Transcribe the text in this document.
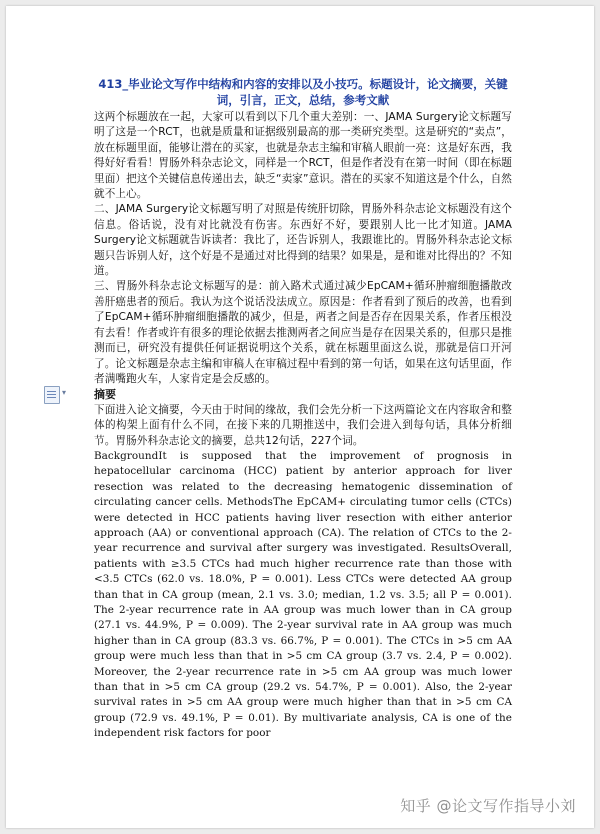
▾

413_毕业论文写作中结构和内容的安排以及小技巧。标题设计，论文摘要，关键词，引言，正文，总结，参考文献

这两个标题放在一起，大家可以看到以下几个重大差别：一、JAMA Surgery论文标题写明了这是一个RCT，也就是质量和证据级别最高的那一类研究类型。这是研究的“卖点”，放在标题里面，能够让潜在的买家，也就是杂志主编和审稿人眼前一亮：这是好东西，我得好好看看！胃肠外科杂志论文，同样是一个RCT，但是作者没有在第一时间（即在标题里面）把这个关键信息传递出去，缺乏“卖家”意识。潜在的买家不知道这是个什么，自然就不上心。

二、JAMA Surgery论文标题写明了对照是传统肝切除，胃肠外科杂志论文标题没有这个信息。俗话说，没有对比就没有伤害。东西好不好，要跟别人比一比才知道。JAMA Surgery论文标题就告诉读者：我比了，还告诉别人，我跟谁比的。胃肠外科杂志论文标题只告诉别人好，这个好是不是通过对比得到的结果？如果是，是和谁对比得出的？不知道。

三、胃肠外科杂志论文标题写的是：前入路术式通过减少EpCAM+循环肿瘤细胞播散改善肝癌患者的预后。我认为这个说话没法成立。原因是：作者看到了预后的改善，也看到了EpCAM+循环肿瘤细胞播散的减少，但是，两者之间是否存在因果关系，作者压根没有去看！作者或许有很多的理论依据去推测两者之间应当是存在因果关系的，但那只是推测而已，研究没有提供任何证据说明这个关系，就在标题里面这么说，那就是信口开河了。论文标题是杂志主编和审稿人在审稿过程中看到的第一句话，如果在这句话里面，作者满嘴跑火车，人家肯定是会反感的。

摘要

下面进入论文摘要，今天由于时间的缘故，我们会先分析一下这两篇论文在内容取舍和整体的构架上面有什么不同，在接下来的几期推送中，我们会进入到每句话，具体分析细节。胃肠外科杂志论文的摘要，总共12句话，227个词。

BackgroundIt is supposed that the improvement of prognosis in hepatocellular carcinoma (HCC) patient by anterior approach for liver resection was related to the decreasing hematogenic dissemination of circulating cancer cells. MethodsThe EpCAM+ circulating tumor cells (CTCs) were detected in HCC patients having liver resection with either anterior approach (AA) or conventional approach (CA). The relation of CTCs to the 2-year recurrence and survival after surgery was investigated. ResultsOverall, patients with ≥3.5 CTCs had much higher recurrence rate than those with <3.5 CTCs (62.0 vs. 18.0%, P = 0.001). Less CTCs were detected AA group than that in CA group (mean, 2.1 vs. 3.0; median, 1.2 vs. 3.5; all P = 0.001). The 2-year recurrence rate in AA group was much lower than in CA group (27.1 vs. 44.9%, P = 0.009). The 2-year survival rate in AA group was much higher than in CA group (83.3 vs. 66.7%, P = 0.001). The CTCs in >5 cm AA group were much less than that in >5 cm CA group (3.7 vs. 2.4, P = 0.002). Moreover, the 2-year recurrence rate in >5 cm AA group was much lower than that in >5 cm CA group (29.2 vs. 54.7%, P = 0.001). Also, the 2-year survival rates in >5 cm AA group were much higher than that in >5 cm CA group (72.9 vs. 49.1%, P = 0.01). By multivariate analysis, CA is one of the independent risk factors for poor

知乎 @论文写作指导小刘
